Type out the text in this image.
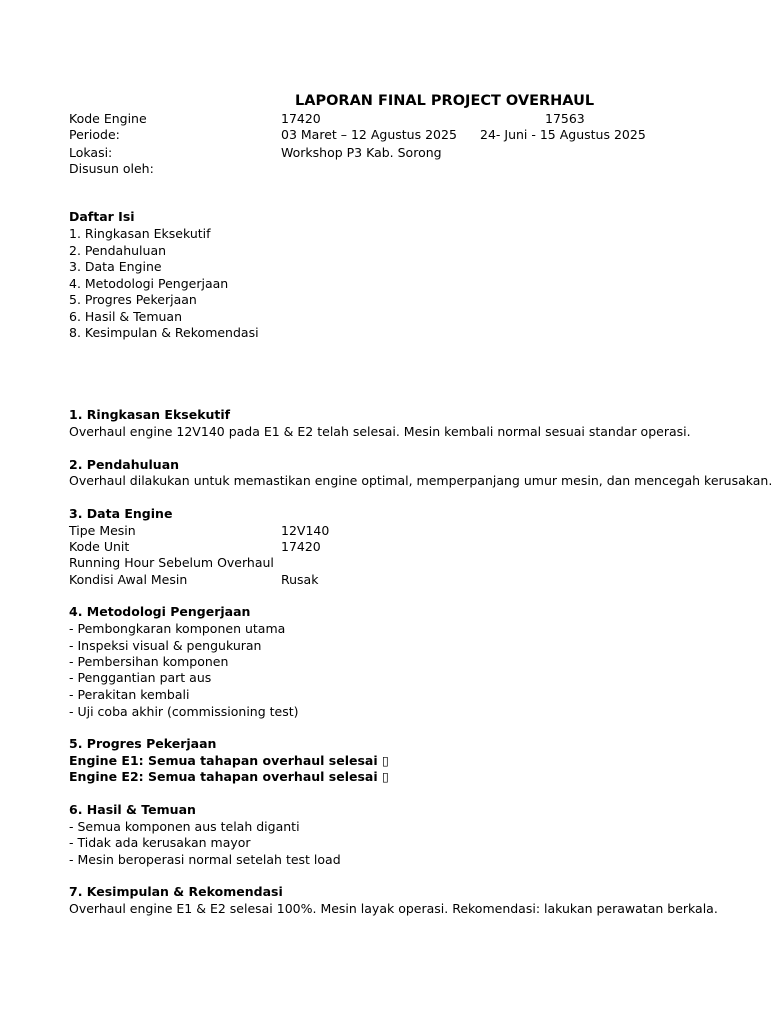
LAPORAN FINAL PROJECT OVERHAUL
Kode Engine	17420	17563
Periode:	03 Maret – 12 Agustus 2025 24- Juni - 15 Agustus 2025
Lokasi:	Workshop P3 Kab. Sorong
Disusun oleh:
Daftar Isi
1. Ringkasan Eksekutif
2. Pendahuluan
3. Data Engine
4. Metodologi Pengerjaan
5. Progres Pekerjaan
6. Hasil & Temuan
8. Kesimpulan & Rekomendasi
1. Ringkasan Eksekutif
Overhaul engine 12V140 pada E1 & E2 telah selesai. Mesin kembali normal sesuai standar operasi.
2. Pendahuluan
Overhaul dilakukan untuk memastikan engine optimal, memperpanjang umur mesin, dan mencegah kerusakan.
3. Data Engine
Tipe Mesin	12V140
Kode Unit	17420
Running Hour Sebelum Overhaul
Kondisi Awal Mesin	Rusak
4. Metodologi Pengerjaan
- Pembongkaran komponen utama
- Inspeksi visual & pengukuran
- Pembersihan komponen
- Penggantian part aus
- Perakitan kembali
- Uji coba akhir (commissioning test)
5. Progres Pekerjaan
Engine E1: Semua tahapan overhaul selesai ▯
Engine E2: Semua tahapan overhaul selesai ▯
6. Hasil & Temuan
- Semua komponen aus telah diganti
- Tidak ada kerusakan mayor
- Mesin beroperasi normal setelah test load
7. Kesimpulan & Rekomendasi
Overhaul engine E1 & E2 selesai 100%. Mesin layak operasi. Rekomendasi: lakukan perawatan berkala.
